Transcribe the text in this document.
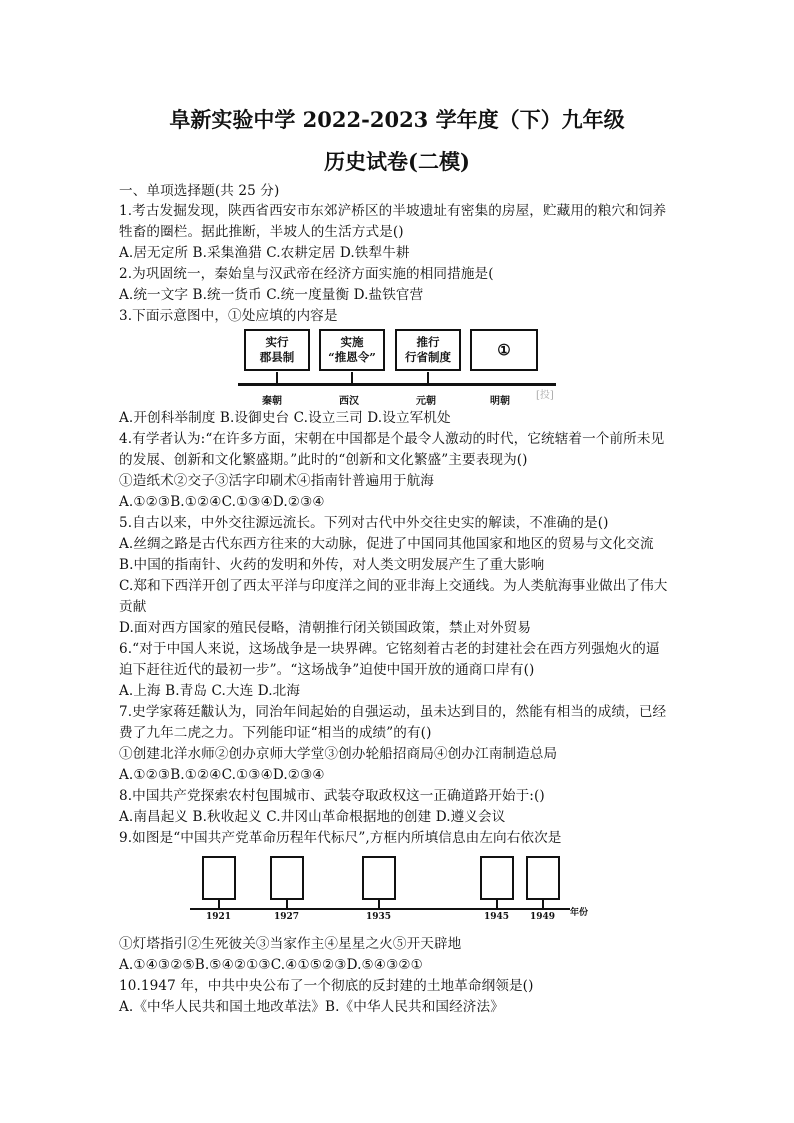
阜新实验中学 2022-2023 学年度（下）九年级
历史试卷(二模)
一、单项选择题(共 25 分)
1.考古发掘发现，陕西省西安市东郊浐桥区的半坡遗址有密集的房屋，贮藏用的粮穴和饲养
牲畜的圈栏。据此推断，半坡人的生活方式是()
A.居无定所 B.采集渔猎 C.农耕定居 D.铁犁牛耕
2.为巩固统一，秦始皇与汉武帝在经济方面实施的相同措施是(
A.统一文字 B.统一货币 C.统一度量衡 D.盐铁官营
3.下面示意图中，①处应填的内容是
A.开创科举制度 B.设御史台 C.设立三司 D.设立军机处
4.有学者认为:“在许多方面，宋朝在中国都是个最令人激动的时代，它统辖着一个前所未见
的发展、创新和文化繁盛期。”此时的“创新和文化繁盛”主要表现为()
①造纸术②交子③活字印刷术④指南针普遍用于航海
A.①②③B.①②④C.①③④D.②③④
5.自古以来，中外交往源远流长。下列对古代中外交往史实的解读，不准确的是()
A.丝绸之路是古代东西方往来的大动脉，促进了中国同其他国家和地区的贸易与文化交流
B.中国的指南针、火药的发明和外传，对人类文明发展产生了重大影响
C.郑和下西洋开创了西太平洋与印度洋之间的亚非海上交通线。为人类航海事业做出了伟大
贡献
D.面对西方国家的殖民侵略，清朝推行闭关锁国政策，禁止对外贸易
6.“对于中国人来说，这场战争是一块界碑。它铭刻着古老的封建社会在西方列强炮火的逼
迫下赶往近代的最初一步”。“这场战争”迫使中国开放的通商口岸有()
A.上海 B.青岛 C.大连 D.北海
7.史学家蒋廷黻认为，同治年间起始的自强运动，虽未达到目的，然能有相当的成绩，已经
费了九年二虎之力。下列能印证“相当的成绩”的有()
①创建北洋水师②创办京师大学堂③创办轮船招商局④创办江南制造总局
A.①②③B.①②④C.①③④D.②③④
8.中国共产党探索农村包围城市、武装夺取政权这一正确道路开始于:()
A.南昌起义 B.秋收起义 C.井冈山革命根据地的创建 D.遵义会议
9.如图是“中国共产党革命历程年代标尺”,方框内所填信息由左向右依次是
①灯塔指引②生死彼关③当家作主④星星之火⑤开天辟地
A.①④③②⑤B.⑤④②①③C.④①⑤②③D.⑤④③②①
10.1947 年，中共中央公布了一个彻底的反封建的土地革命纲领是()
A.《中华人民共和国土地改革法》B.《中华人民共和国经济法》
实行
郡县制
实施
“推恩令”
推行
行省制度	①
秦朝	西汉	元朝	明朝
[投]
1921	1927	1935	1945 1949 年份
